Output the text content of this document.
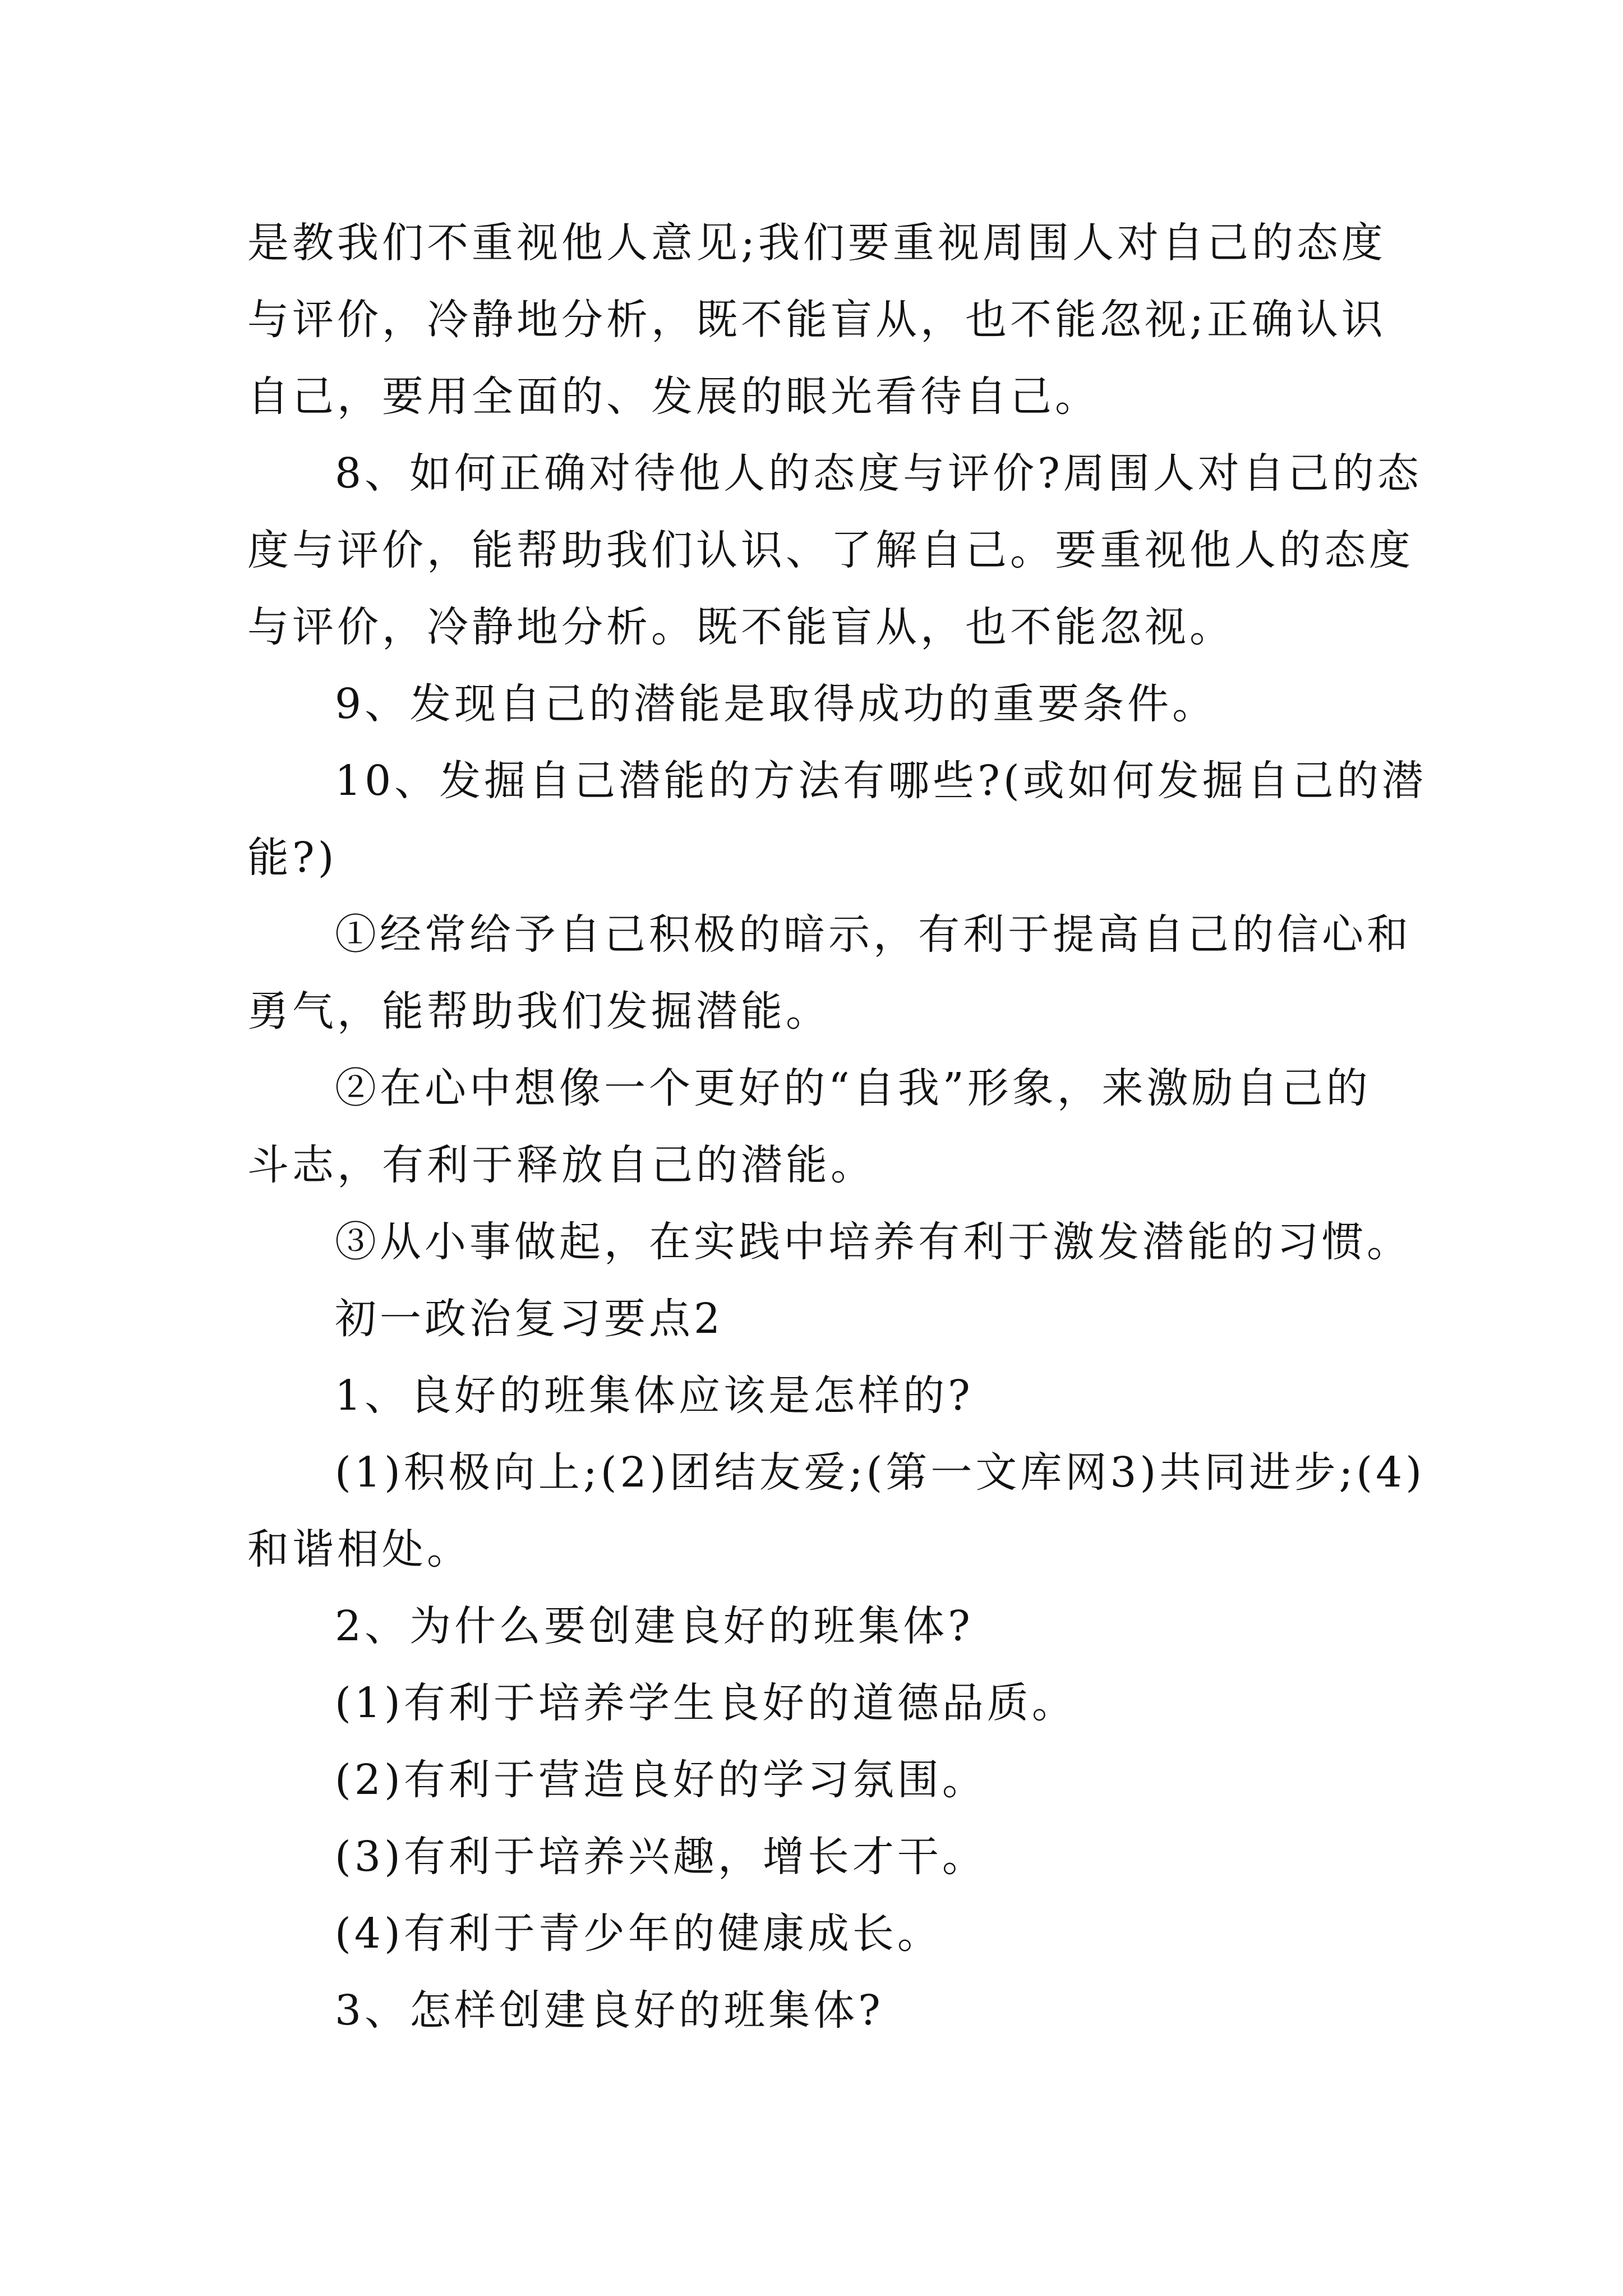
是教我们不重视他人意见;我们要重视周围人对自己的态度
与评价，冷静地分析，既不能盲从，也不能忽视;正确认识
自己，要用全面的、发展的眼光看待自己。
8、如何正确对待他人的态度与评价?周围人对自己的态
度与评价，能帮助我们认识、了解自己。要重视他人的态度
与评价，冷静地分析。既不能盲从，也不能忽视。
9、发现自己的潜能是取得成功的重要条件。
10、发掘自己潜能的方法有哪些?(或如何发掘自己的潜
能?)
①经常给予自己积极的暗示，有利于提高自己的信心和
勇气，能帮助我们发掘潜能。
②在心中想像一个更好的“自我”形象，来激励自己的
斗志，有利于释放自己的潜能。
③从小事做起，在实践中培养有利于激发潜能的习惯。
初一政治复习要点2
1、良好的班集体应该是怎样的?
(1)积极向上;(2)团结友爱;(第一文库网3)共同进步;(4)
和谐相处。
2、为什么要创建良好的班集体?
(1)有利于培养学生良好的道德品质。
(2)有利于营造良好的学习氛围。
(3)有利于培养兴趣，增长才干。
(4)有利于青少年的健康成长。
3、怎样创建良好的班集体?
